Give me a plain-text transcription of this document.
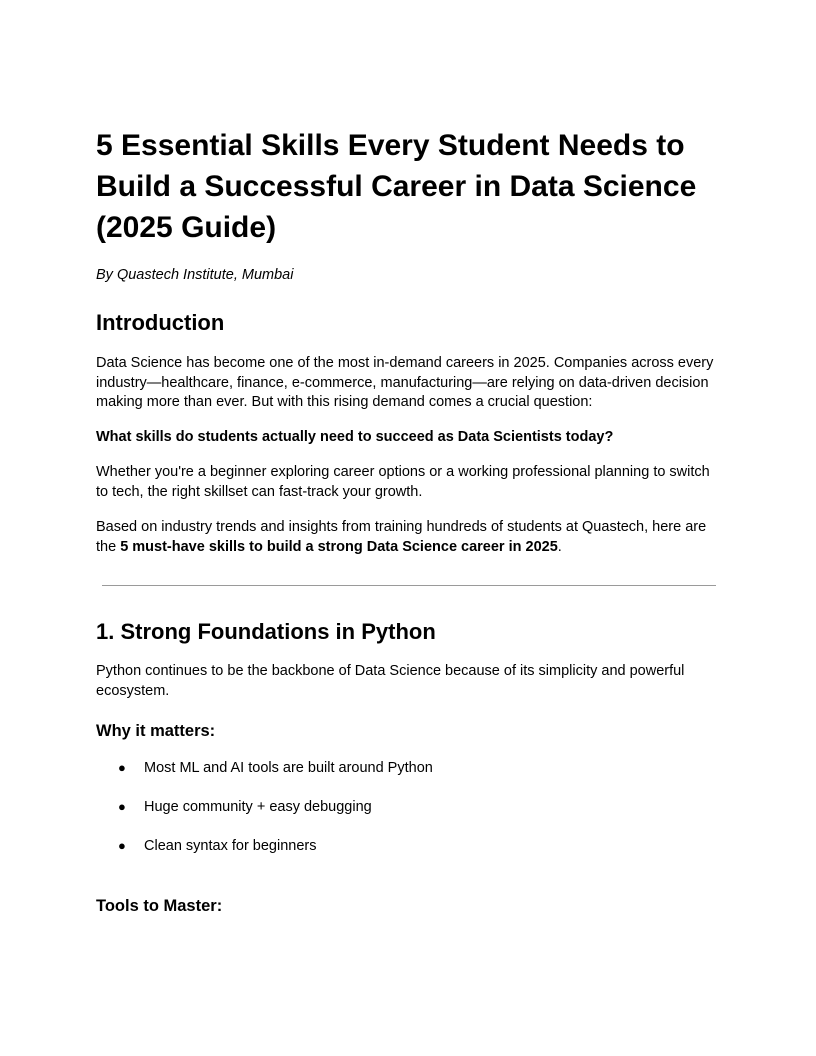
5 Essential Skills Every Student Needs to Build a Successful Career in Data Science (2025 Guide)

By Quastech Institute, Mumbai

Introduction

Data Science has become one of the most in-demand careers in 2025. Companies across every industry—healthcare, finance, e-commerce, manufacturing—are relying on data-driven decision making more than ever. But with this rising demand comes a crucial question:

What skills do students actually need to succeed as Data Scientists today?

Whether you're a beginner exploring career options or a working professional planning to switch to tech, the right skillset can fast-track your growth.

Based on industry trends and insights from training hundreds of students at Quastech, here are the 5 must-have skills to build a strong Data Science career in 2025.

1. Strong Foundations in Python

Python continues to be the backbone of Data Science because of its simplicity and powerful ecosystem.

Why it matters:
● Most ML and AI tools are built around Python
● Huge community + easy debugging
● Clean syntax for beginners
Tools to Master:
